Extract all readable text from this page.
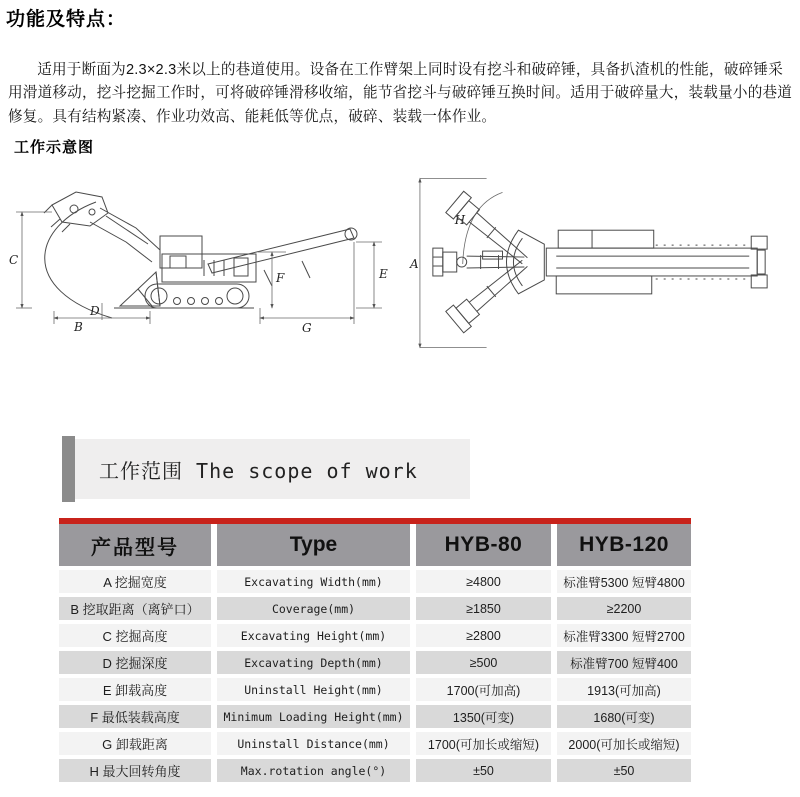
功能及特点：

适用于断面为2.3×2.3米以上的巷道使用。设备在工作臂架上同时设有挖斗和破碎锤，具备扒渣机的性能，破碎锤采用滑道移动，挖斗挖掘工作时，可将破碎锤滑移收缩，能节省挖斗与破碎锤互换时间。适用于破碎量大，装载量小的巷道修复。具有结构紧凑、作业功效高、能耗低等优点，破碎、装载一体作业。

工作示意图
C
B
D
F	E
G
A
H
工作范围 The scope of work
产品型号	Type	HYB-80	HYB-120
A 挖掘宽度	Excavating Width(mm)	≥4800	标准臂5300 短臂4800
B 挖取距离（离铲口）	Coverage(mm)	≥1850	≥2200
C 挖掘高度	Excavating Height(mm)	≥2800	标准臂3300 短臂2700
D 挖掘深度	Excavating Depth(mm)	≥500	标准臂700 短臂400
E 卸载高度	Uninstall Height(mm)	1700(可加高)	1913(可加高)
F 最低装载高度	Minimum Loading Height(mm)	1350(可变)	1680(可变)
G 卸载距离	Uninstall Distance(mm)	1700(可加长或缩短)	2000(可加长或缩短)
H 最大回转角度	Max.rotation angle(°)	±50	±50
